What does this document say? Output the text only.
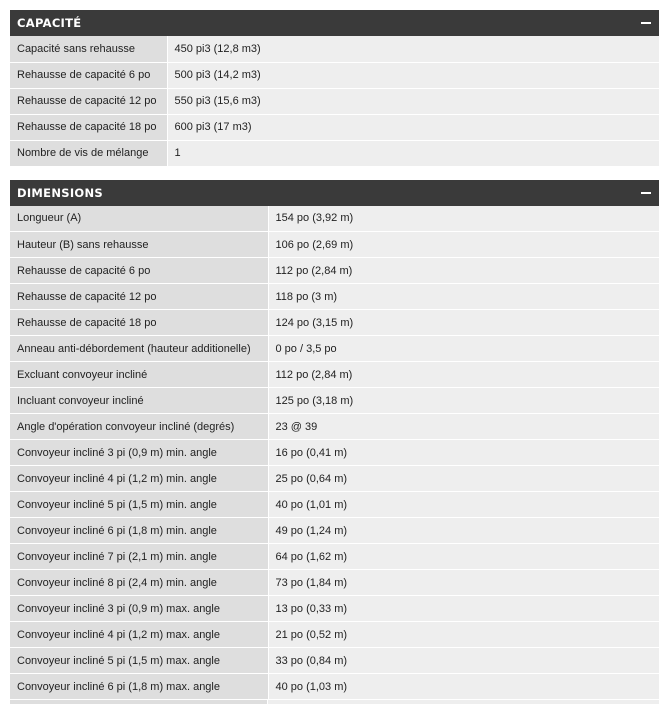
CAPACITÉ
Capacité sans rehausse	450 pi3 (12,8 m3)
Rehausse de capacité 6 po	500 pi3 (14,2 m3)
Rehausse de capacité 12 po	550 pi3 (15,6 m3)
Rehausse de capacité 18 po	600 pi3 (17 m3)
Nombre de vis de mélange	1
DIMENSIONS
Longueur (A)	154 po (3,92 m)
Hauteur (B) sans rehausse	106 po (2,69 m)
Rehausse de capacité 6 po	112 po (2,84 m)
Rehausse de capacité 12 po	118 po (3 m)
Rehausse de capacité 18 po	124 po (3,15 m)
Anneau anti-débordement (hauteur additionelle)	0 po / 3,5 po
Excluant convoyeur incliné	112 po (2,84 m)
Incluant convoyeur incliné	125 po (3,18 m)
Angle d'opération convoyeur incliné (degrés)	23 @ 39
Convoyeur incliné 3 pi (0,9 m) min. angle	16 po (0,41 m)
Convoyeur incliné 4 pi (1,2 m) min. angle	25 po (0,64 m)
Convoyeur incliné 5 pi (1,5 m) min. angle	40 po (1,01 m)
Convoyeur incliné 6 pi (1,8 m) min. angle	49 po (1,24 m)
Convoyeur incliné 7 pi (2,1 m) min. angle	64 po (1,62 m)
Convoyeur incliné 8 pi (2,4 m) min. angle	73 po (1,84 m)
Convoyeur incliné 3 pi (0,9 m) max. angle	13 po (0,33 m)
Convoyeur incliné 4 pi (1,2 m) max. angle	21 po (0,52 m)
Convoyeur incliné 5 pi (1,5 m) max. angle	33 po (0,84 m)
Convoyeur incliné 6 pi (1,8 m) max. angle	40 po (1,03 m)
